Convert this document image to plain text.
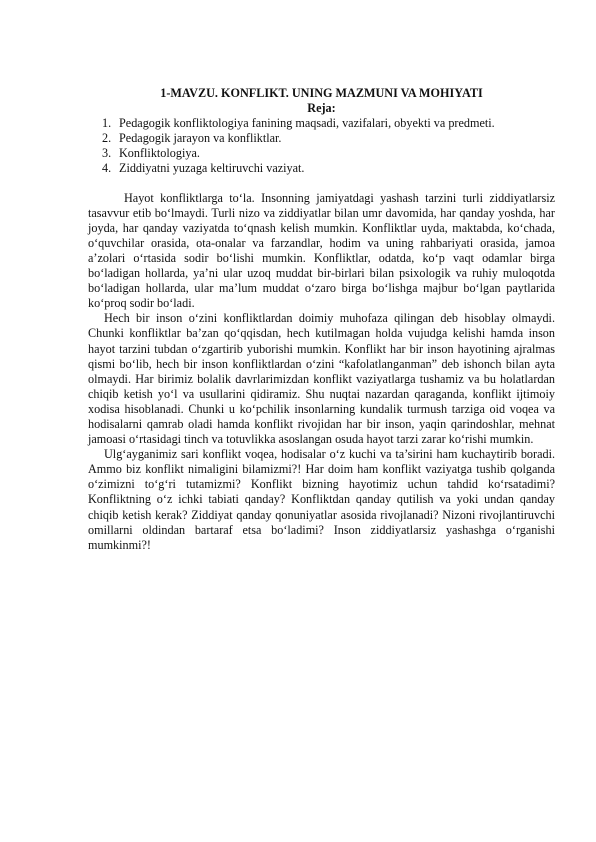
1-MAVZU. KONFLIKT. UNING MAZMUNI VA MOHIYATI

Reja:

1. Pedagogik konfliktologiya fanining maqsadi, vazifalari, obyekti va predmeti.
2. Pedagogik jarayon va konfliktlar.
3. Konfliktologiya.
4. Ziddiyatni yuzaga keltiruvchi vaziyat.

Hayot konfliktlarga to‘la. Insonning jamiyatdagi yashash tarzini turli ziddiyatlarsiz tasavvur etib bo‘lmaydi. Turli nizo va ziddiyatlar bilan umr davomida, har qanday yoshda, har joyda, har qanday vaziyatda to‘qnash kelish mumkin. Konfliktlar uyda, maktabda, ko‘chada, o‘quvchilar orasida, ota-onalar va farzandlar, hodim va uning rahbariyati orasida, jamoa a’zolari o‘rtasida sodir bo‘lishi mumkin. Konfliktlar, odatda, ko‘p vaqt odamlar birga bo‘ladigan hollarda, ya’ni ular uzoq muddat bir-birlari bilan psixologik va ruhiy muloqotda bo‘ladigan hollarda, ular ma’lum muddat o‘zaro birga bo‘lishga majbur bo‘lgan paytlarida ko‘proq sodir bo‘ladi.

Hech bir inson o‘zini konfliktlardan doimiy muhofaza qilingan deb hisoblay olmaydi. Chunki konfliktlar ba’zan qo‘qqisdan, hech kutilmagan holda vujudga kelishi hamda inson hayot tarzini tubdan o‘zgartirib yuborishi mumkin. Konflikt har bir inson hayotining ajralmas qismi bo‘lib, hech bir inson konfliktlardan o‘zini “kafolatlanganman” deb ishonch bilan ayta olmaydi. Har birimiz bolalik davrlarimizdan konflikt vaziyatlarga tushamiz va bu holatlardan chiqib ketish yo‘l va usullarini qidiramiz. Shu nuqtai nazardan qaraganda, konflikt ijtimoiy xodisa hisoblanadi. Chunki u ko‘pchilik insonlarning kundalik turmush tarziga oid voqea va hodisalarni qamrab oladi hamda konflikt rivojidan har bir inson, yaqin qarindoshlar, mehnat jamoasi o‘rtasidagi tinch va totuvlikka asoslangan osuda hayot tarzi zarar ko‘rishi mumkin.

Ulg‘ayganimiz sari konflikt voqea, hodisalar o‘z kuchi va ta’sirini ham kuchaytirib boradi. Ammo biz konflikt nimaligini bilamizmi?! Har doim ham konflikt vaziyatga tushib qolganda o‘zimizni to‘g‘ri tutamizmi? Konflikt bizning hayotimiz uchun tahdid ko‘rsatadimi? Konfliktning o‘z ichki tabiati qanday? Konfliktdan qanday qutilish va yoki undan qanday chiqib ketish kerak? Ziddiyat qanday qonuniyatlar asosida rivojlanadi? Nizoni rivojlantiruvchi omillarni oldindan bartaraf etsa bo‘ladimi? Inson ziddiyatlarsiz yashashga o‘rganishi mumkinmi?!
